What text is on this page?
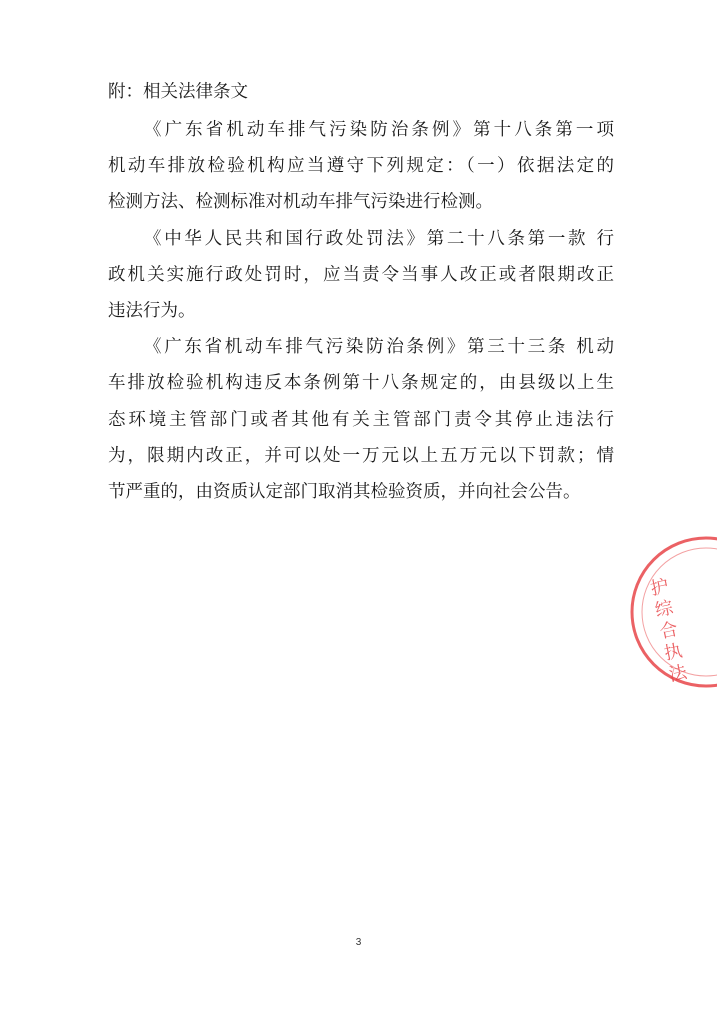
附：相关法律条文
《广东省机动车排气污染防治条例》第十八条第一项
机动车排放检验机构应当遵守下列规定：（一）依据法定的
检测方法、检测标准对机动车排气污染进行检测。
《中华人民共和国行政处罚法》第二十八条第一款 行
政机关实施行政处罚时，应当责令当事人改正或者限期改正
违法行为。
《广东省机动车排气污染防治条例》第三十三条 机动
车排放检验机构违反本条例第十八条规定的，由县级以上生
态环境主管部门或者其他有关主管部门责令其停止违法行
为，限期内改正，并可以处一万元以上五万元以下罚款；情
节严重的，由资质认定部门取消其检验资质，并向社会公告。
护综合执法
3
